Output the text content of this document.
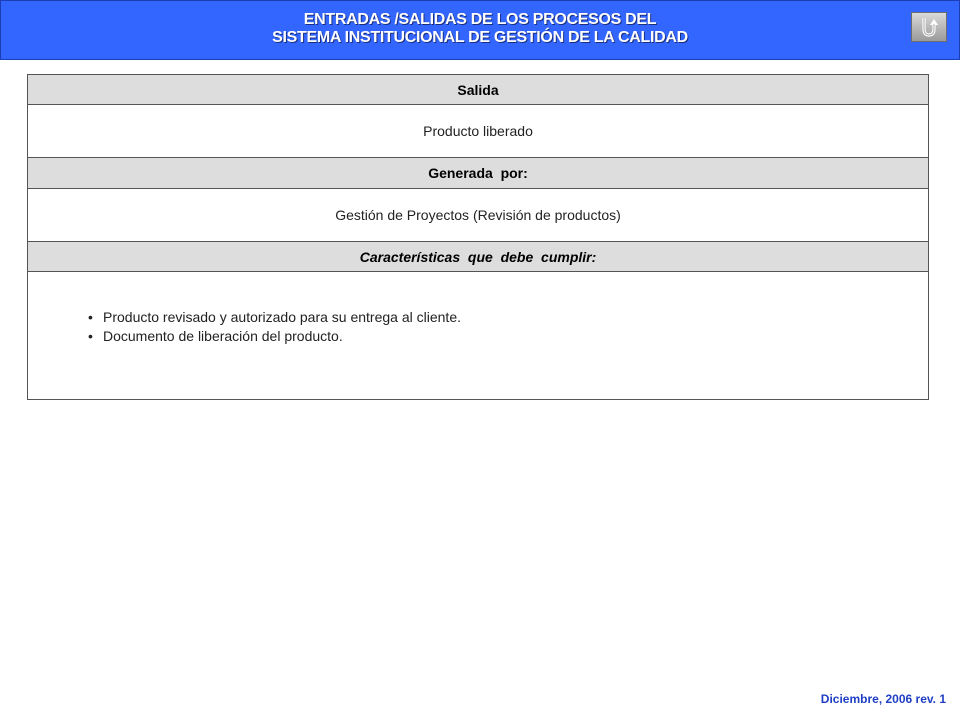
ENTRADAS /SALIDAS DE LOS PROCESOS DEL
SISTEMA INSTITUCIONAL DE GESTIÓN DE LA CALIDAD
Salida
Producto liberado
Generada  por:
Gestión de Proyectos (Revisión de productos)
Características  que  debe  cumplir:
• Producto revisado y autorizado para su entrega al cliente.
• Documento de liberación del producto.
Diciembre, 2006 rev. 1
